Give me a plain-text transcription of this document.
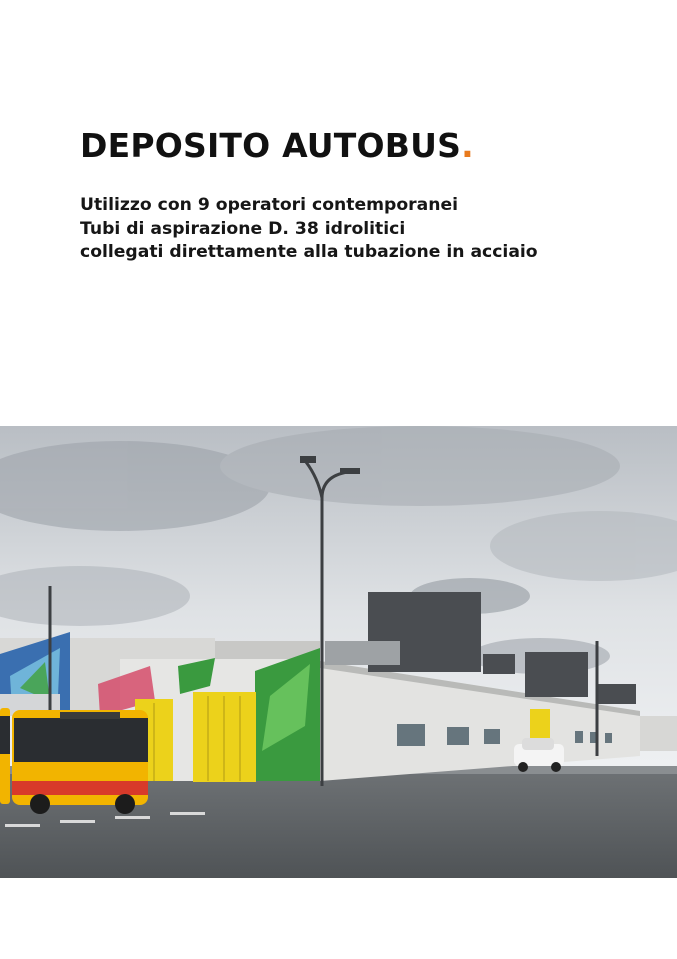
DEPOSITO AUTOBUS.
Utilizzo con 9 operatori contemporanei
Tubi di aspirazione D. 38 idrolitici
collegati direttamente alla tubazione in acciaio
